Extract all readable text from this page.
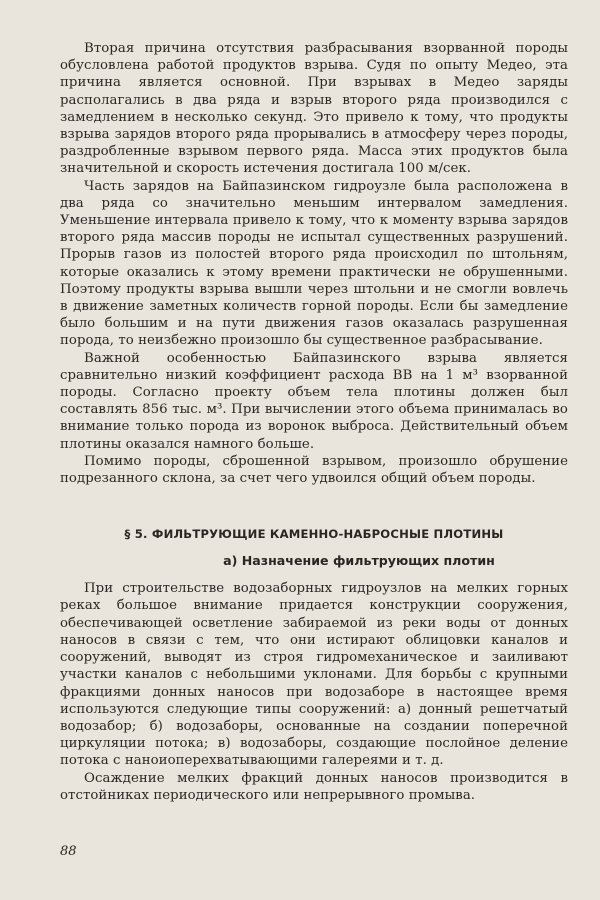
Вторая причина отсутствия разбрасывания взорванной породы обусловлена работой продуктов взрыва. Судя по опыту Медео, эта причина является основной. При взрывах в Медео заряды располагались в два ряда и взрыв второго ряда производился с замедлением в несколько секунд. Это привело к тому, что продукты взрыва зарядов второго ряда прорывались в атмосферу через породы, раздробленные взрывом первого ряда. Масса этих продуктов была значительной и скорость истечения достигала 100 м/сек.

Часть зарядов на Байпазинском гидроузле была расположена в два ряда со значительно меньшим интервалом замедления. Уменьшение интервала привело к тому, что к моменту взрыва зарядов второго ряда массив породы не испытал существенных разрушений. Прорыв газов из полостей второго ряда происходил по штольням, которые оказались к этому времени практически не обрушенными. Поэтому продукты взрыва вышли через штольни и не смогли вовлечь в движение заметных количеств горной породы. Если бы замедление было большим и на пути движения газов оказалась разрушенная порода, то неизбежно произошло бы существенное разбрасывание.

Важной особенностью Байпазинского взрыва является сравнительно низкий коэффициент расхода ВВ на 1 м³ взорванной породы. Согласно проекту объем тела плотины должен был составлять 856 тыс. м³. При вычислении этого объема принималась во внимание только порода из воронок выброса. Действительный объем плотины оказался намного больше.

Помимо породы, сброшенной взрывом, произошло обрушение подрезанного склона, за счет чего удвоился общий объем породы.

§ 5. ФИЛЬТРУЮЩИЕ КАМЕННО-НАБРОСНЫЕ ПЛОТИНЫ
а) Назначение фильтрующих плотин

При строительстве водозаборных гидроузлов на мелких горных реках большое внимание придается конструкции сооружения, обеспечивающей осветление забираемой из реки воды от донных наносов в связи с тем, что они истирают облицовки каналов и сооружений, выводят из строя гидромеханическое и заиливают участки каналов с небольшими уклонами. Для борьбы с крупными фракциями донных наносов при водозаборе в настоящее время используются следующие типы сооружений: а) донный решетчатый водозабор; б) водозаборы, основанные на создании поперечной циркуляции потока; в) водозаборы, создающие послойное деление потока с наноиоперехватывающими галереями и т. д.

Осаждение мелких фракций донных наносов производится в отстойниках периодического или непрерывного промыва.

88
